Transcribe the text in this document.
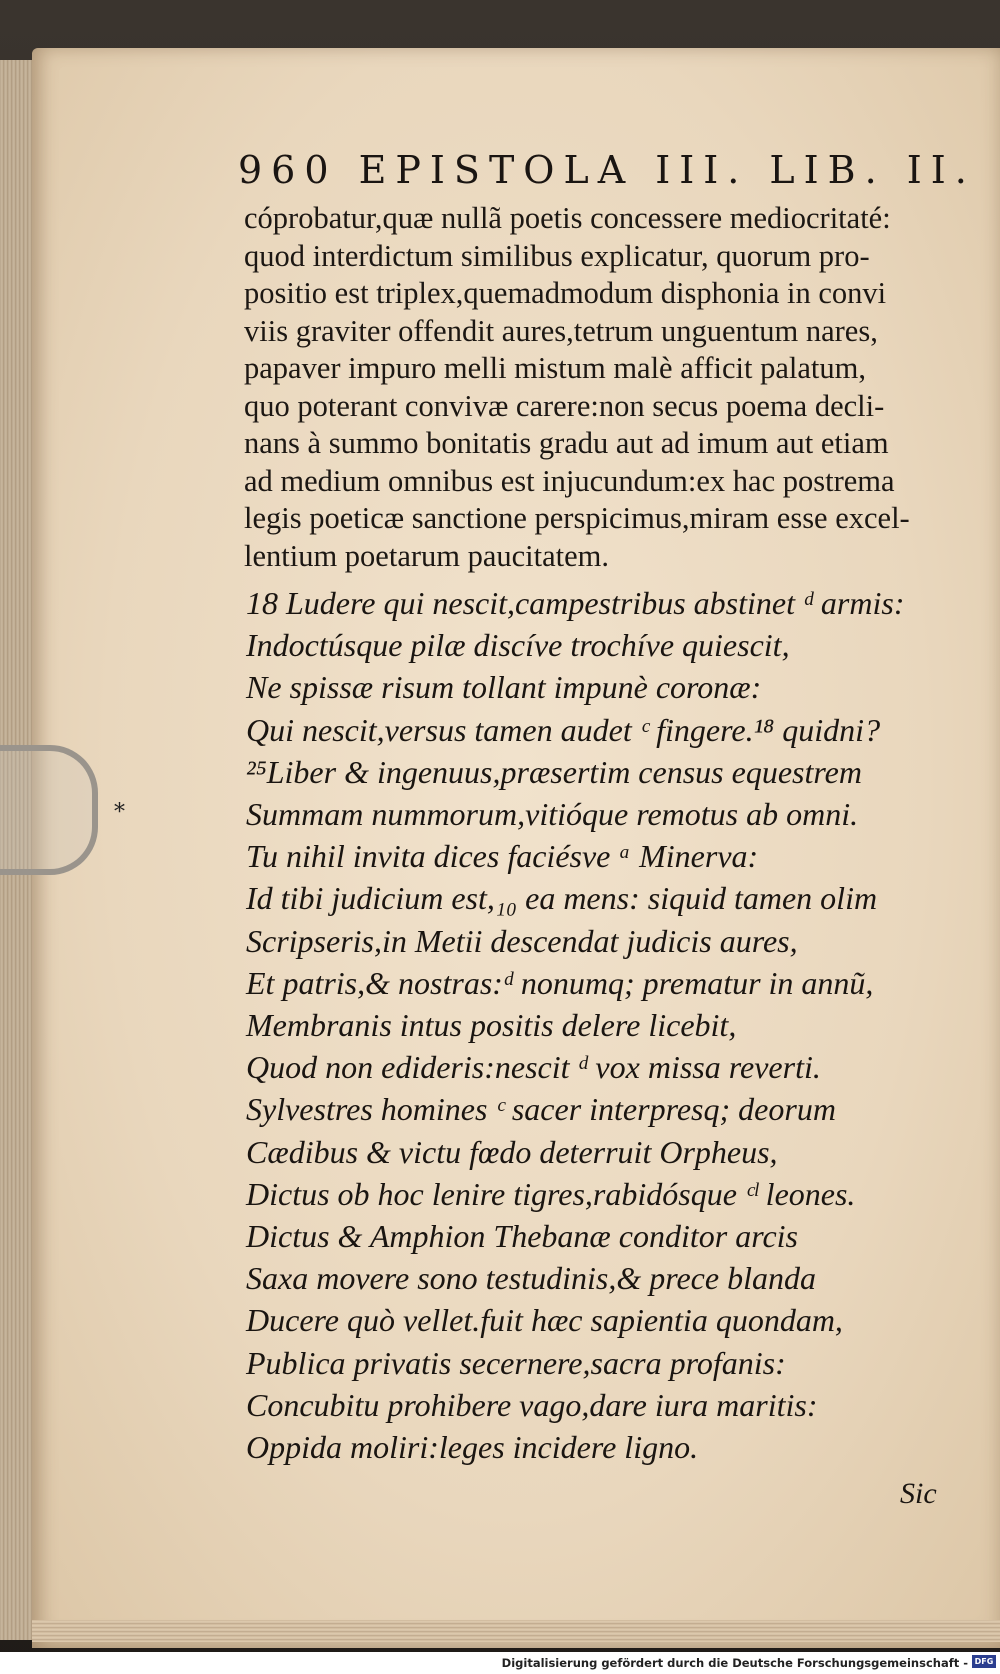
*
960 EPISTOLA III. LIB. II.
cóprobatur,quæ nullã poetis concessere mediocritaté:
quod interdictum similibus explicatur, quorum pro-
positio est triplex,quemadmodum disphonia in convi
viis graviter offendit aures,tetrum unguentum nares,
papaver impuro melli mistum malè afficit palatum,
quo poterant convivæ carere:non secus poema decli-
nans à summo bonitatis gradu aut ad imum aut etiam
ad medium omnibus est injucundum:ex hac postrema
legis poeticæ sanctione perspicimus,miram esse excel-
lentium poetarum paucitatem.
18 Ludere qui nescit,campestribus abstinet ᵈ armis:
Indoctúsque pilæ discíve trochíve quiescit,
Ne spissæ risum tollant impunè coronæ:
Qui nescit,versus tamen audet ᶜ fingere.¹⁸ quidni?
²⁵Liber & ingenuus,præsertim census equestrem
Summam nummorum,vitióque remotus ab omni.
Tu nihil invita dices faciésve ᵃ Minerva:
Id tibi judicium est,₁₀ ea mens: siquid tamen olim
Scripseris,in Metii descendat judicis aures,
Et patris,& nostras:ᵈ nonumq; prematur in annũ,
Membranis intus positis delere licebit,
Quod non edideris:nescit ᵈ vox missa reverti.
Sylvestres homines ᶜ sacer interpresq; deorum
Cædibus & victu fœdo deterruit Orpheus,
Dictus ob hoc lenire tigres,rabidósque ᶜˡ leones.
Dictus & Amphion Thebanæ conditor arcis
Saxa movere sono testudinis,& prece blanda
Ducere quò vellet.fuit hæc sapientia quondam,
Publica privatis secernere,sacra profanis:
Concubitu prohibere vago,dare iura maritis:
Oppida moliri:leges incidere ligno.
Sic
Digitalisierung gefördert durch die Deutsche Forschungsgemeinschaft - DFG
